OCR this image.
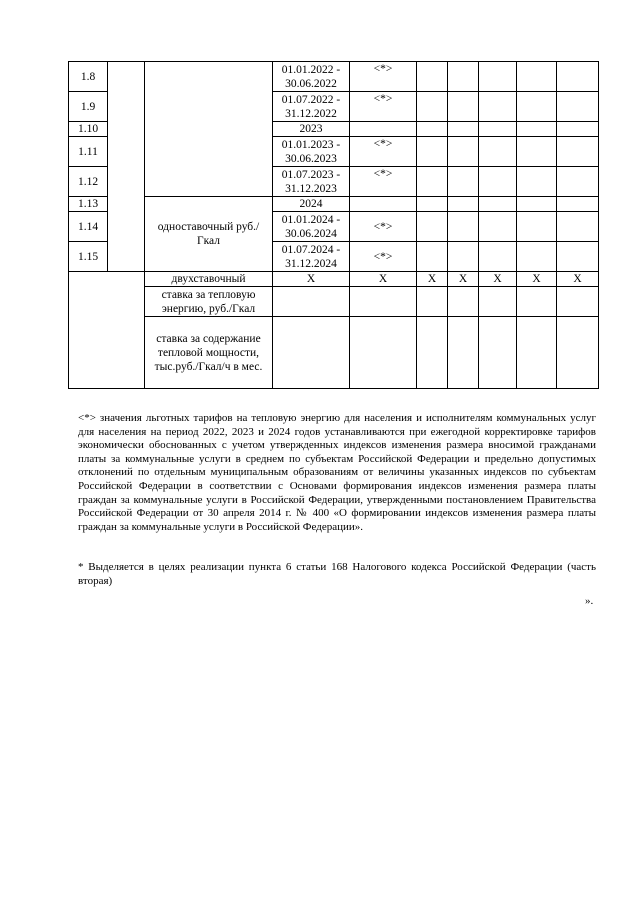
1.8			01.01.2022 - 30.06.2022	<*>					
1.9			01.07.2022 - 31.12.2022	<*>					
1.10			2023						
1.11			01.01.2023 - 30.06.2023	<*>					
1.12			01.07.2023 - 31.12.2023	<*>					
1.13		одноставочный руб./Гкал	2024						
1.14			01.01.2024 - 30.06.2024	<*>					
1.15			01.07.2024 - 31.12.2024	<*>					
		двухставочный	X	X	X	X	X	X	X
		ставка за тепловую энергию, руб./Гкал							
		ставка за содержание тепловой мощности, тыс.руб./Гкал/ч в мес.							
<*> значения льготных тарифов на тепловую энергию для населения и исполнителям коммунальных услуг для населения на период 2022, 2023 и 2024 годов устанавливаются при ежегодной корректировке тарифов экономически обоснованных с учетом утвержденных индексов изменения размера вносимой гражданами платы за коммунальные услуги в среднем по субъектам Российской Федерации и предельно допустимых отклонений по отдельным муниципальным образованиям от величины указанных индексов по субъектам Российской Федерации в соответствии с Основами формирования индексов изменения размера платы граждан за коммунальные услуги в Российской Федерации, утвержденными постановлением Правительства Российской Федерации от 30 апреля 2014 г. № 400 «О формировании индексов изменения размера платы граждан за коммунальные услуги в Российской Федерации».
* Выделяется в целях реализации пункта 6 статьи 168 Налогового кодекса Российской Федерации (часть вторая)
».
